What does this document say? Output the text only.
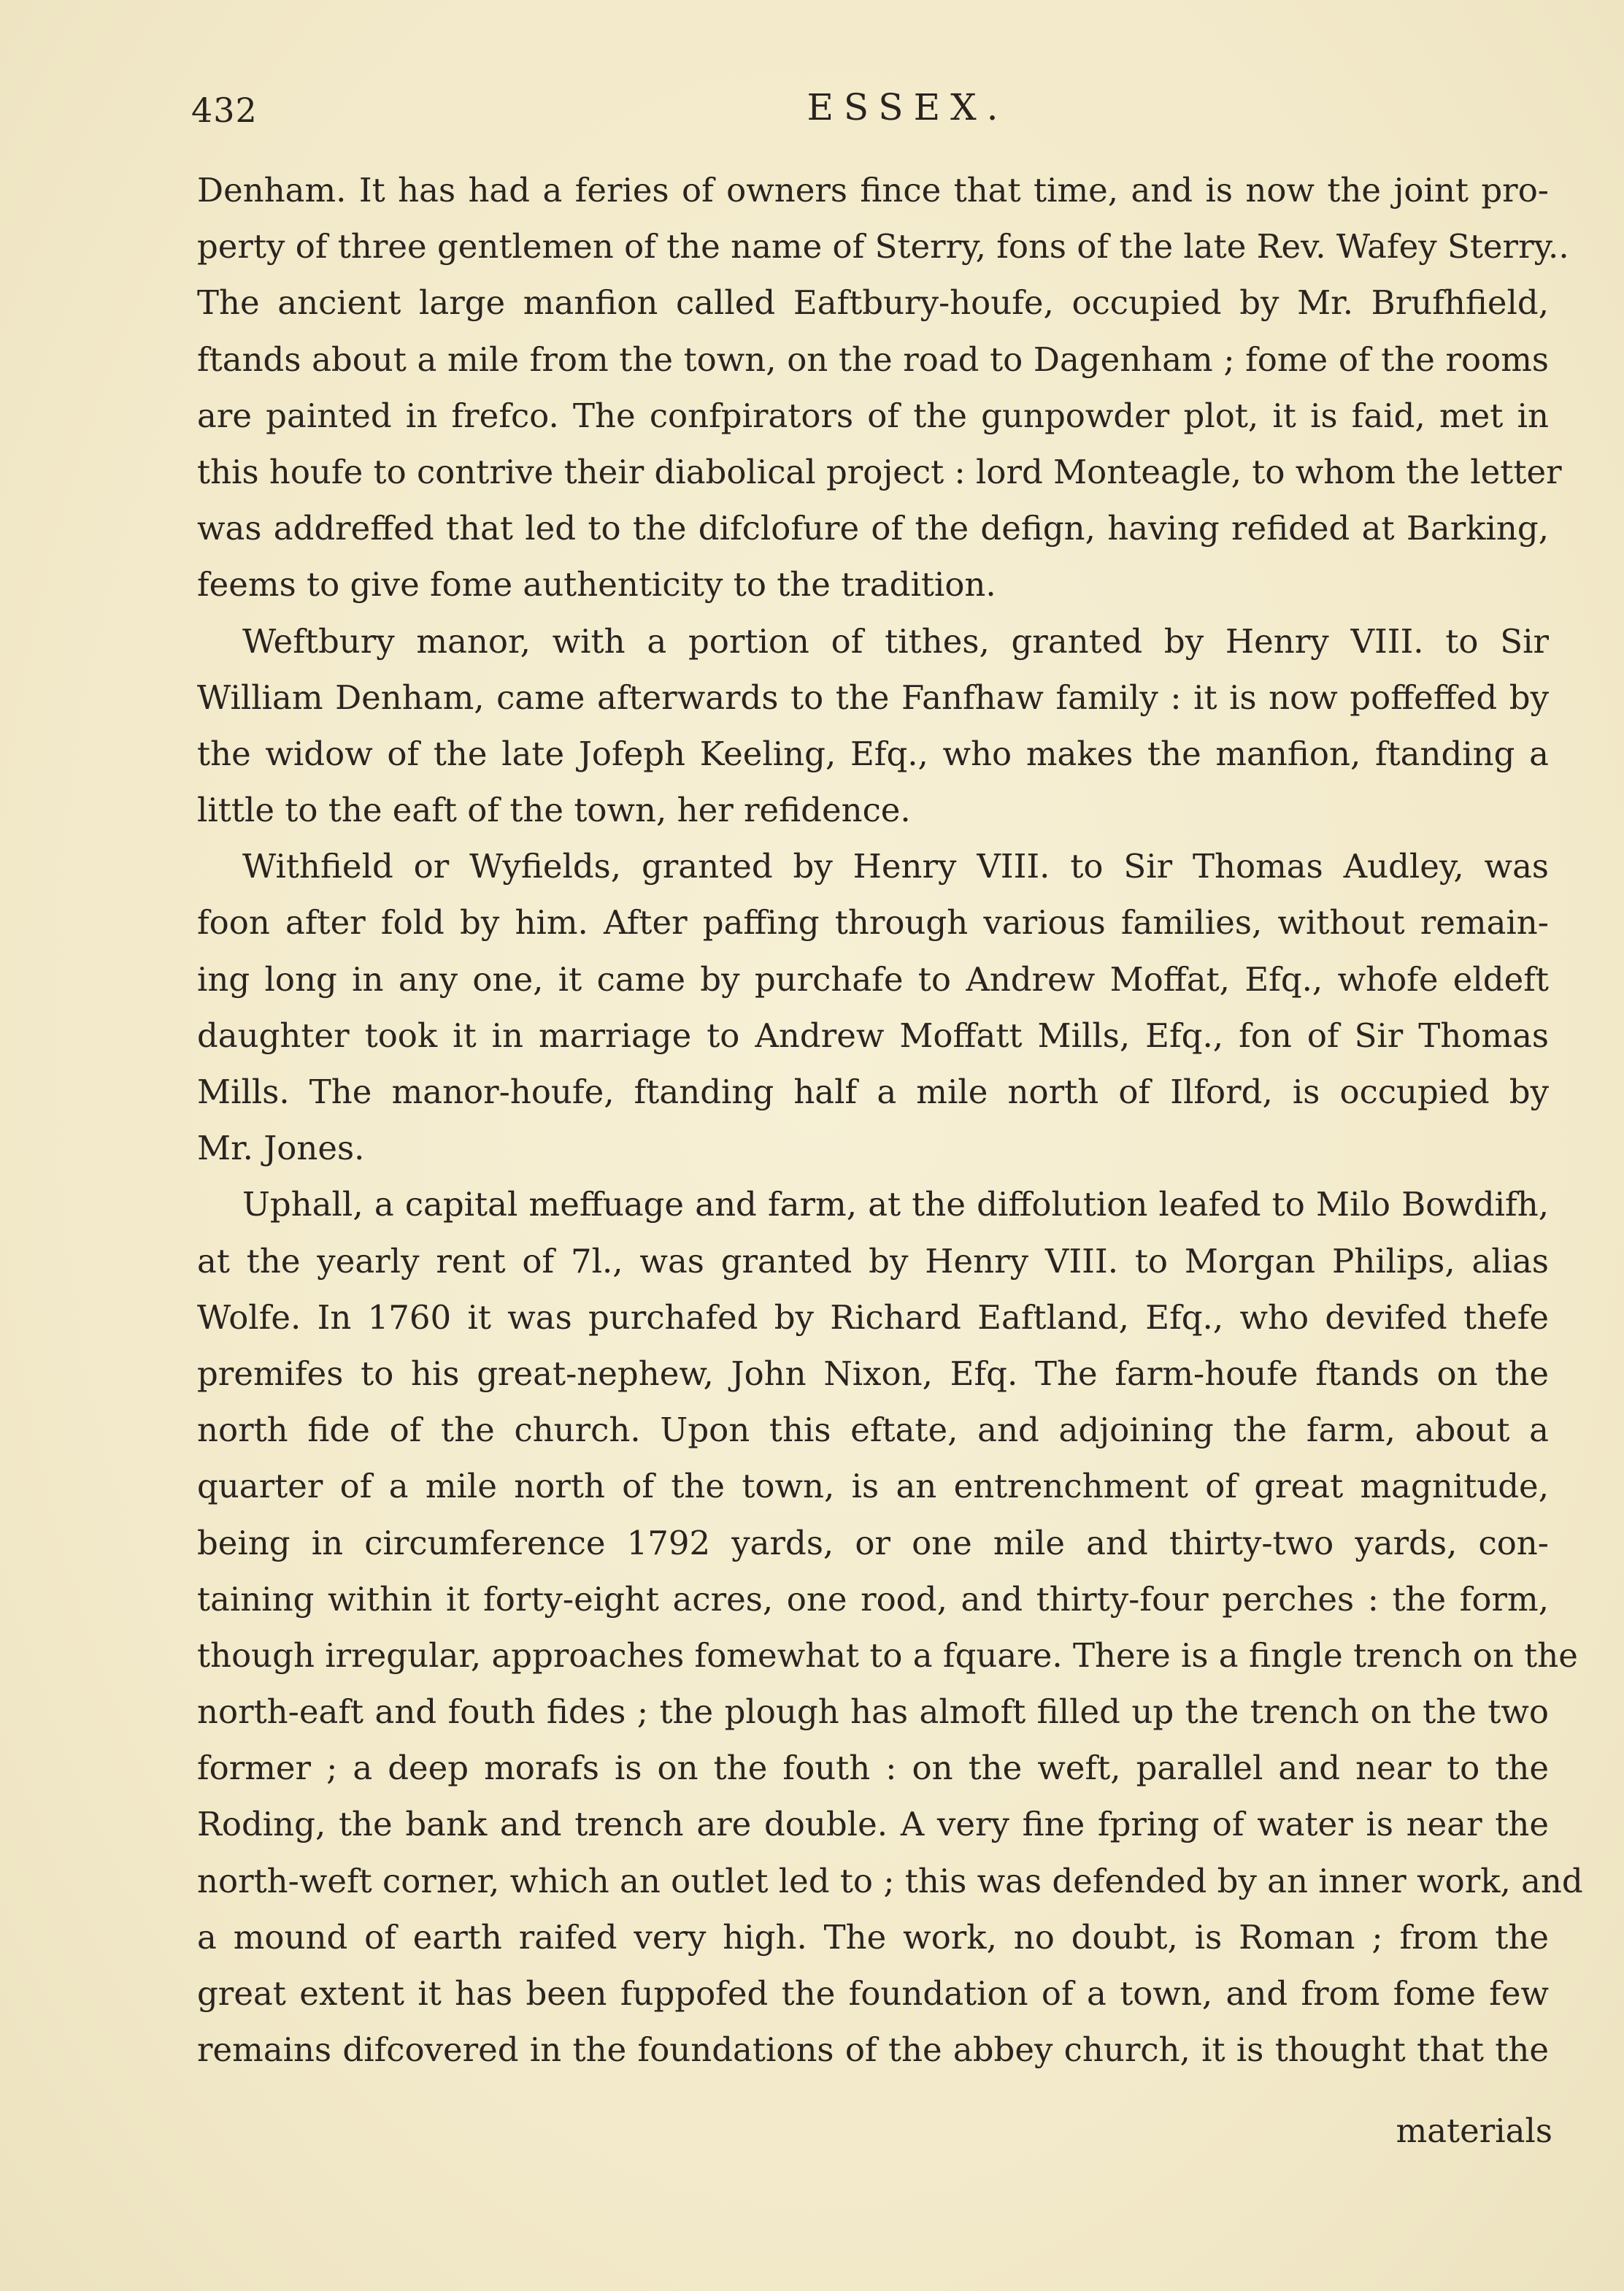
432	ESSEX.
Denham. It has had a feries of owners fince that time, and is now the joint pro-
perty of three gentlemen of the name of Sterry, fons of the late Rev. Wafey Sterry..
The ancient large manfion called Eaftbury-houfe, occupied by Mr. Brufhfield,
ftands about a mile from the town, on the road to Dagenham ; fome of the rooms
are painted in frefco. The confpirators of the gunpowder plot, it is faid, met in
this houfe to contrive their diabolical project : lord Monteagle, to whom the letter
was addreffed that led to the difclofure of the defign, having refided at Barking,
feems to give fome authenticity to the tradition.
Weftbury manor, with a portion of tithes, granted by Henry VIII. to Sir
William Denham, came afterwards to the Fanfhaw family : it is now poffeffed by
the widow of the late Jofeph Keeling, Efq., who makes the manfion, ftanding a
little to the eaft of the town, her refidence.
Withfield or Wyfields, granted by Henry VIII. to Sir Thomas Audley, was
foon after fold by him. After paffing through various families, without remain-
ing long in any one, it came by purchafe to Andrew Moffat, Efq., whofe eldeft
daughter took it in marriage to Andrew Moffatt Mills, Efq., fon of Sir Thomas
Mills. The manor-houfe, ftanding half a mile north of Ilford, is occupied by
Mr. Jones.
Uphall, a capital meffuage and farm, at the diffolution leafed to Milo Bowdifh,
at the yearly rent of 7l., was granted by Henry VIII. to Morgan Philips, alias
Wolfe. In 1760 it was purchafed by Richard Eaftland, Efq., who devifed thefe
premifes to his great-nephew, John Nixon, Efq. The farm-houfe ftands on the
north fide of the church. Upon this eftate, and adjoining the farm, about a
quarter of a mile north of the town, is an entrenchment of great magnitude,
being in circumference 1792 yards, or one mile and thirty-two yards, con-
taining within it forty-eight acres, one rood, and thirty-four perches : the form,
though irregular, approaches fomewhat to a fquare. There is a fingle trench on the
north-eaft and fouth fides ; the plough has almoft filled up the trench on the two
former ; a deep morafs is on the fouth : on the weft, parallel and near to the
Roding, the bank and trench are double. A very fine fpring of water is near the
north-weft corner, which an outlet led to ; this was defended by an inner work, and
a mound of earth raifed very high. The work, no doubt, is Roman ; from the
great extent it has been fuppofed the foundation of a town, and from fome few
remains difcovered in the foundations of the abbey church, it is thought that the
materials
